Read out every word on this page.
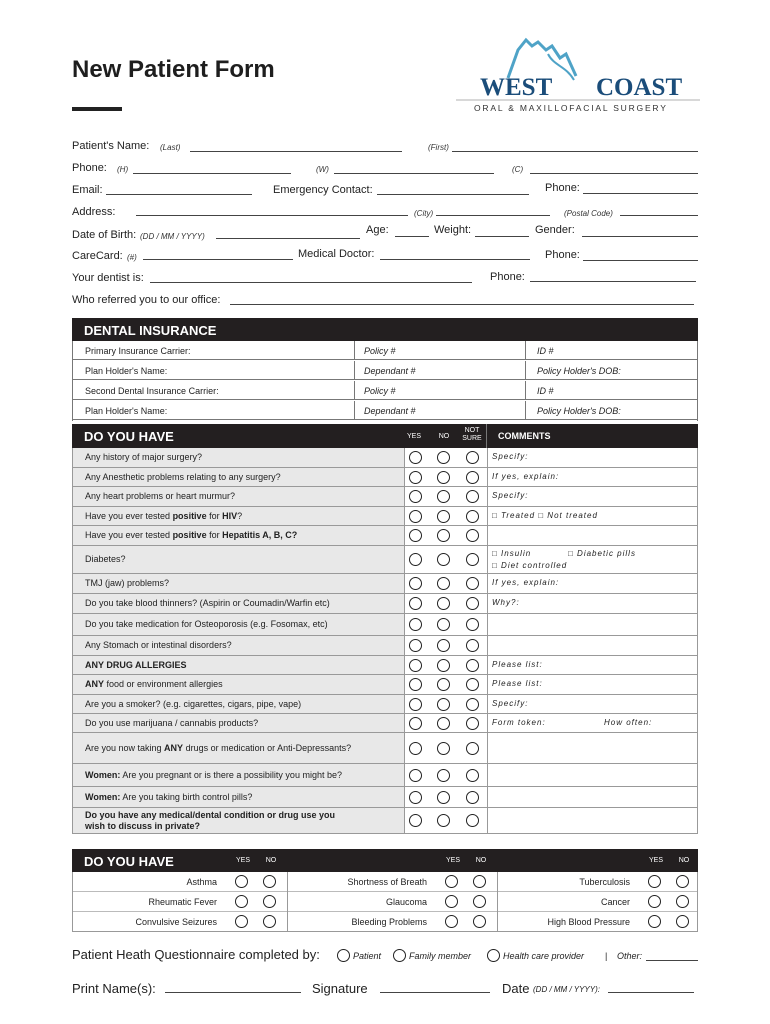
New Patient Form
WEST COAST
ORAL & MAXILLOFACIAL SURGERY
Patient's Name: (Last)	(First)
Phone: (H)	(W)	(C)
Email:	Emergency Contact:	Phone:
Address:	(City)	(Postal Code)
Date of Birth: (DD / MM / YYYY)
Age:	Weight:	Gender:
CareCard: (#)	Medical Doctor:	Phone:
Your dentist is:	Phone:
Who referred you to our office:
DENTAL INSURANCE
Primary Insurance Carrier:	Policy #	ID #
Plan Holder's Name:	Dependant #	Policy Holder's DOB:
Second Dental Insurance Carrier:	Policy #	ID #
Plan Holder's Name:	Dependant #	Policy Holder's DOB:
DO YOU HAVE	YES	NO
NOT
SURE	COMMENTS
Any history of major surgery?	Specify:
Any Anesthetic problems relating to any surgery?	If yes, explain:
Any heart problems or heart murmur?	Specify:
Have you ever tested positive for HIV?	□ Treated □ Not treated
Have you ever tested positive for Hepatitis A, B, C?
Diabetes?
□ Insulin	□ Diabetic pills
□ Diet controlled
TMJ (jaw) problems?	If yes, explain:
Do you take blood thinners? (Aspirin or Coumadin/Warfin etc)	Why?:
Do you take medication for Osteoporosis (e.g. Fosomax, etc)
Any Stomach or intestinal disorders?
ANY DRUG ALLERGIES	Please list:
ANY food or environment allergies	Please list:
Are you a smoker? (e.g. cigarettes, cigars, pipe, vape)	Specify:
Do you use marijuana / cannabis products?	Form token:	How often:
Are you now taking ANY drugs or medication or Anti-Depressants?
Women: Are you pregnant or is there a possibility you might be?
Women: Are you taking birth control pills?
Do you have any medical/dental condition or drug use you
wish to discuss in private?
DO YOU HAVE	YES	NO	YES	NO	YES	NO
Asthma	Shortness of Breath	Tuberculosis
Rheumatic Fever	Glaucoma	Cancer
Convulsive Seizures	Bleeding Problems	High Blood Pressure
Patient Heath Questionnaire completed by:	Patient	Family member	Health care provider | Other:
Print Name(s):	Signature	Date (DD / MM / YYYY):
